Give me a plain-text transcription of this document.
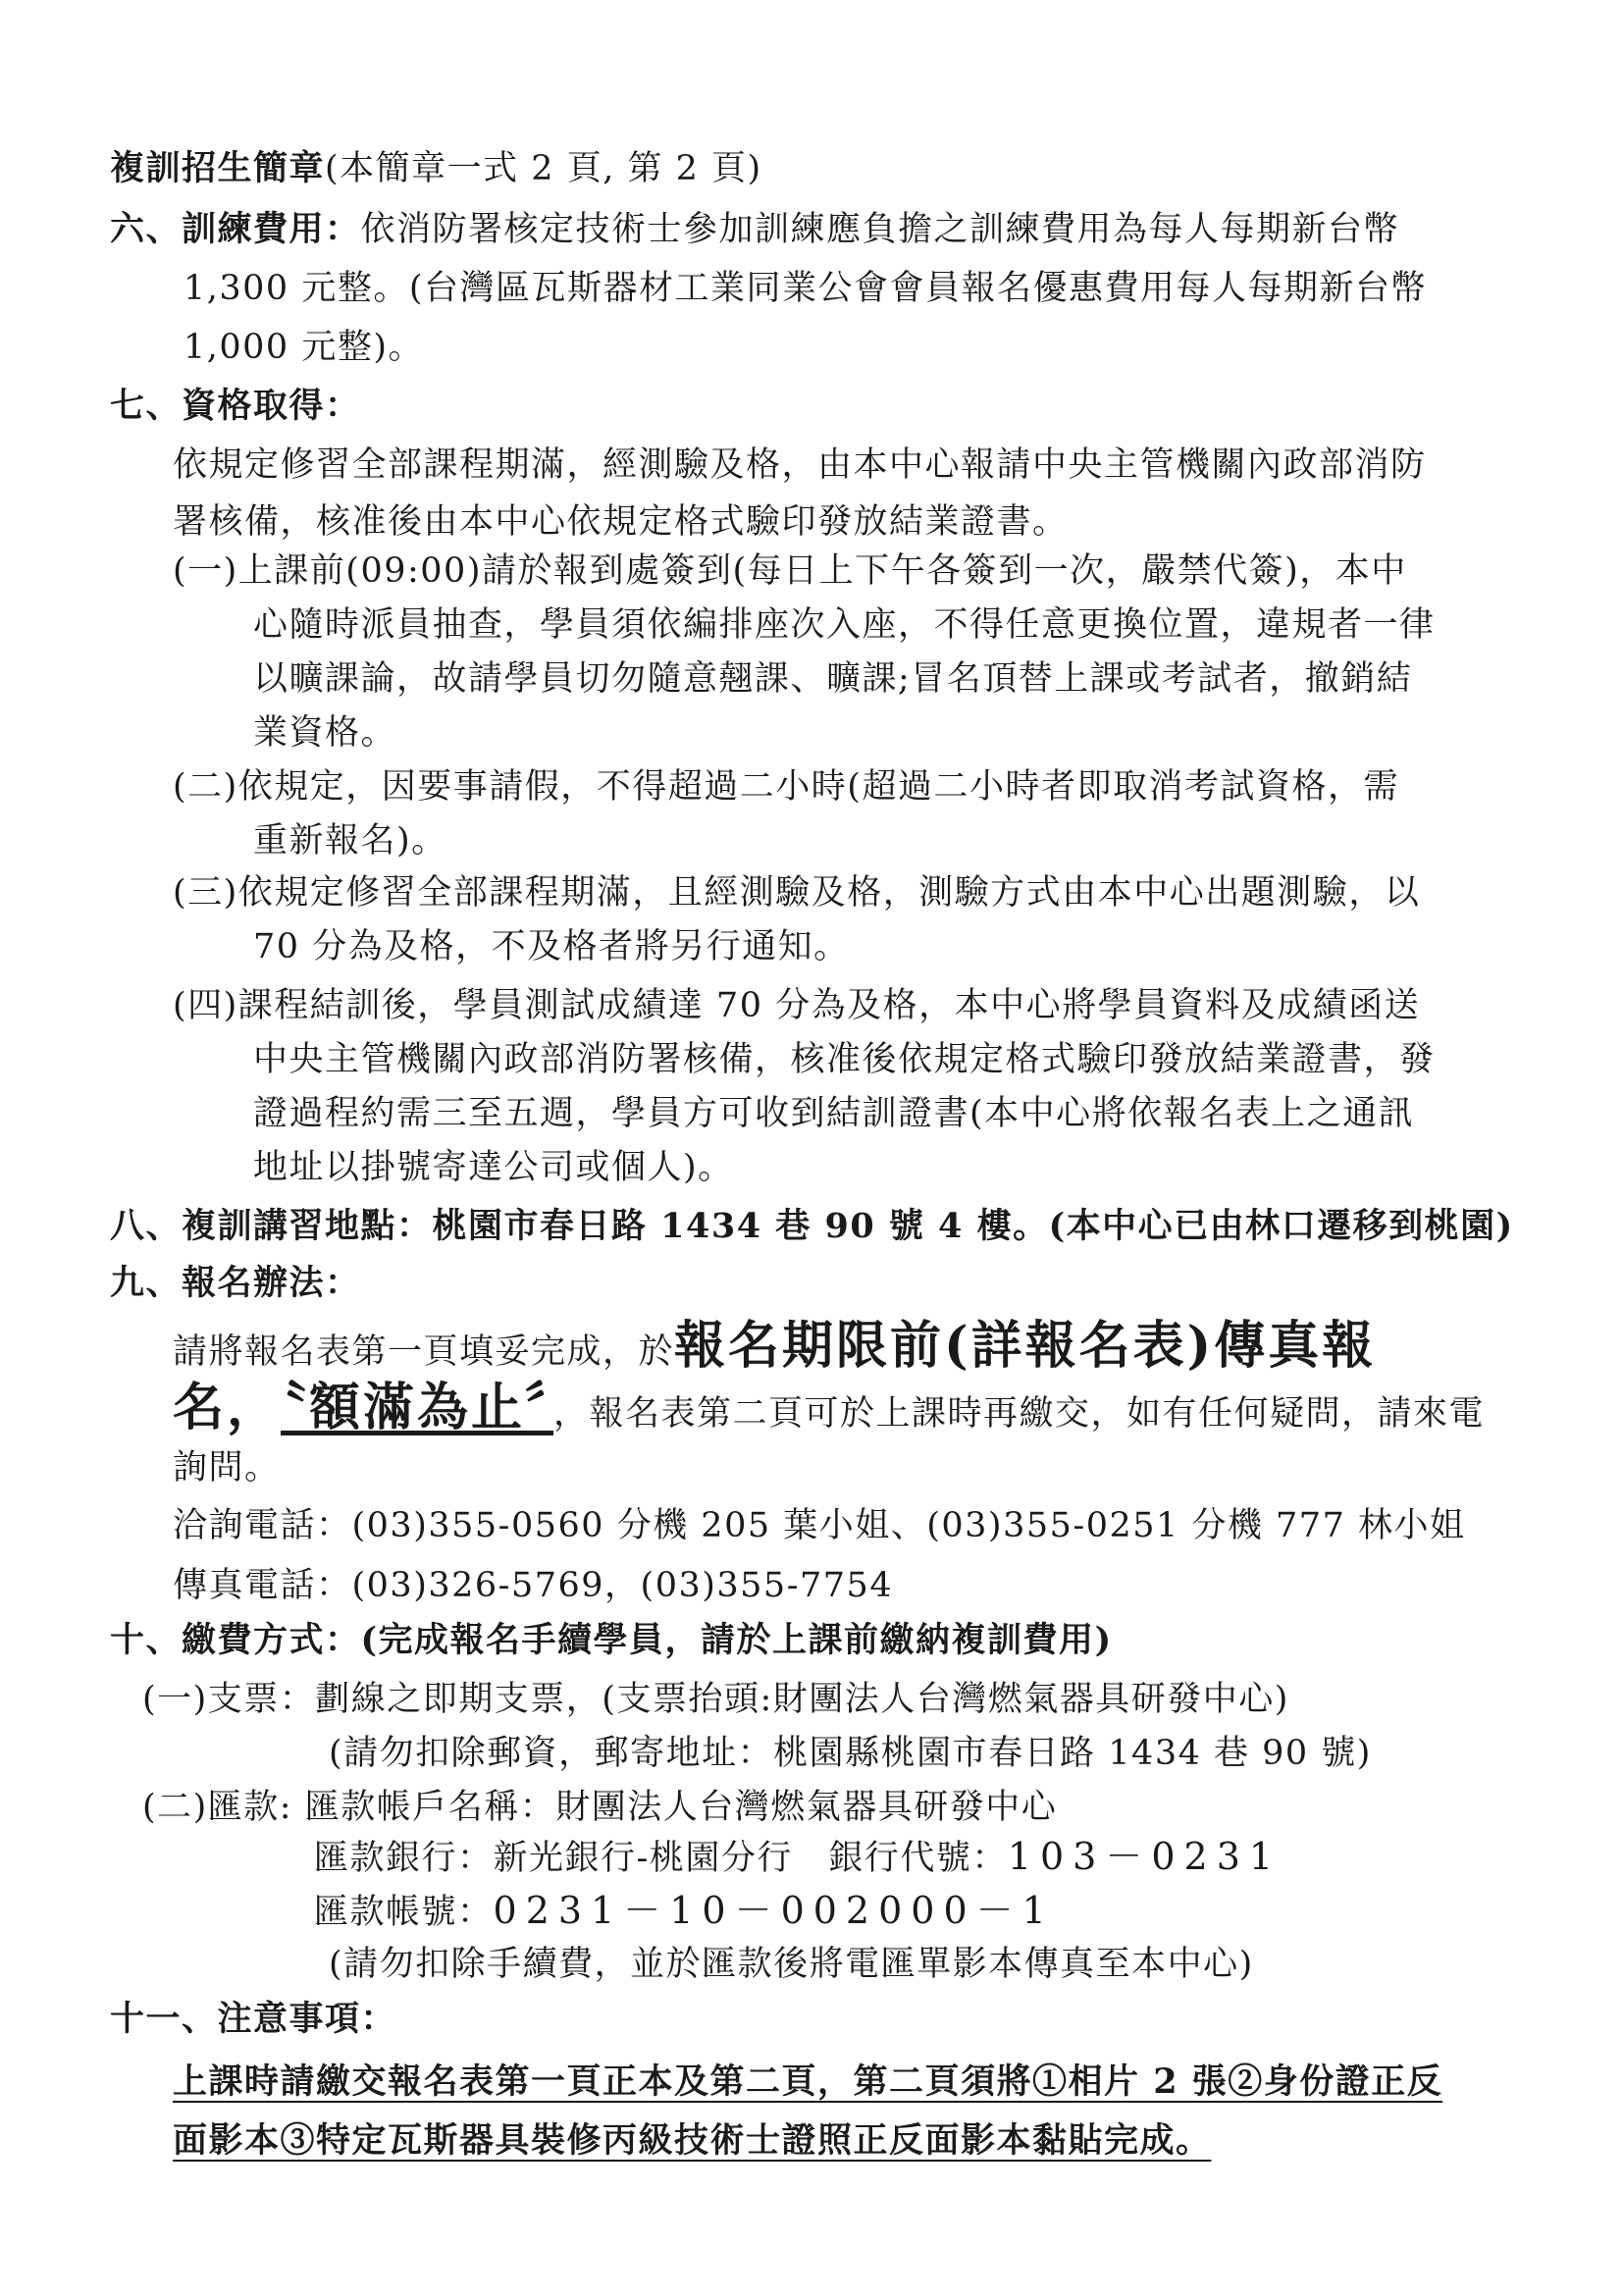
複訓招生簡章(本簡章一式 2 頁, 第 2 頁)
六、訓練費用：依消防署核定技術士參加訓練應負擔之訓練費用為每人每期新台幣
1,300 元整。(台灣區瓦斯器材工業同業公會會員報名優惠費用每人每期新台幣
1,000 元整)。
七、資格取得：
依規定修習全部課程期滿，經測驗及格，由本中心報請中央主管機關內政部消防
署核備，核准後由本中心依規定格式驗印發放結業證書。
(一)上課前(09:00)請於報到處簽到(每日上下午各簽到一次，嚴禁代簽)，本中
心隨時派員抽查，學員須依編排座次入座，不得任意更換位置，違規者一律
以曠課論，故請學員切勿隨意翹課、曠課;冒名頂替上課或考試者，撤銷結
業資格。
(二)依規定，因要事請假，不得超過二小時(超過二小時者即取消考試資格，需
重新報名)。
(三)依規定修習全部課程期滿，且經測驗及格，測驗方式由本中心出題測驗，以
70 分為及格，不及格者將另行通知。
(四)課程結訓後，學員測試成績達 70 分為及格，本中心將學員資料及成績函送
中央主管機關內政部消防署核備，核准後依規定格式驗印發放結業證書，發
證過程約需三至五週，學員方可收到結訓證書(本中心將依報名表上之通訊
地址以掛號寄達公司或個人)。
八、複訓講習地點：桃園市春日路 1434 巷 90 號 4 樓。(本中心已由林口遷移到桃園)
九、報名辦法：
請將報名表第一頁填妥完成，於報名期限前(詳報名表)傳真報
名，〝額滿為止〞，報名表第二頁可於上課時再繳交，如有任何疑問，請來電
詢問。
洽詢電話：(03)355-0560 分機 205 葉小姐、(03)355-0251 分機 777 林小姐
傳真電話：(03)326-5769，(03)355-7754
十、繳費方式：(完成報名手續學員，請於上課前繳納複訓費用)
(一)支票：劃線之即期支票，(支票抬頭:財團法人台灣燃氣器具研發中心)
(請勿扣除郵資，郵寄地址：桃園縣桃園市春日路 1434 巷 90 號)
(二)匯款: 匯款帳戶名稱：財團法人台灣燃氣器具研發中心
匯款銀行：新光銀行-桃園分行　銀行代號：103－0231
匯款帳號：0231－10－002000－1
(請勿扣除手續費，並於匯款後將電匯單影本傳真至本中心)
十一、注意事項：
上課時請繳交報名表第一頁正本及第二頁，第二頁須將①相片 2 張②身份證正反
面影本③特定瓦斯器具裝修丙級技術士證照正反面影本黏貼完成。
